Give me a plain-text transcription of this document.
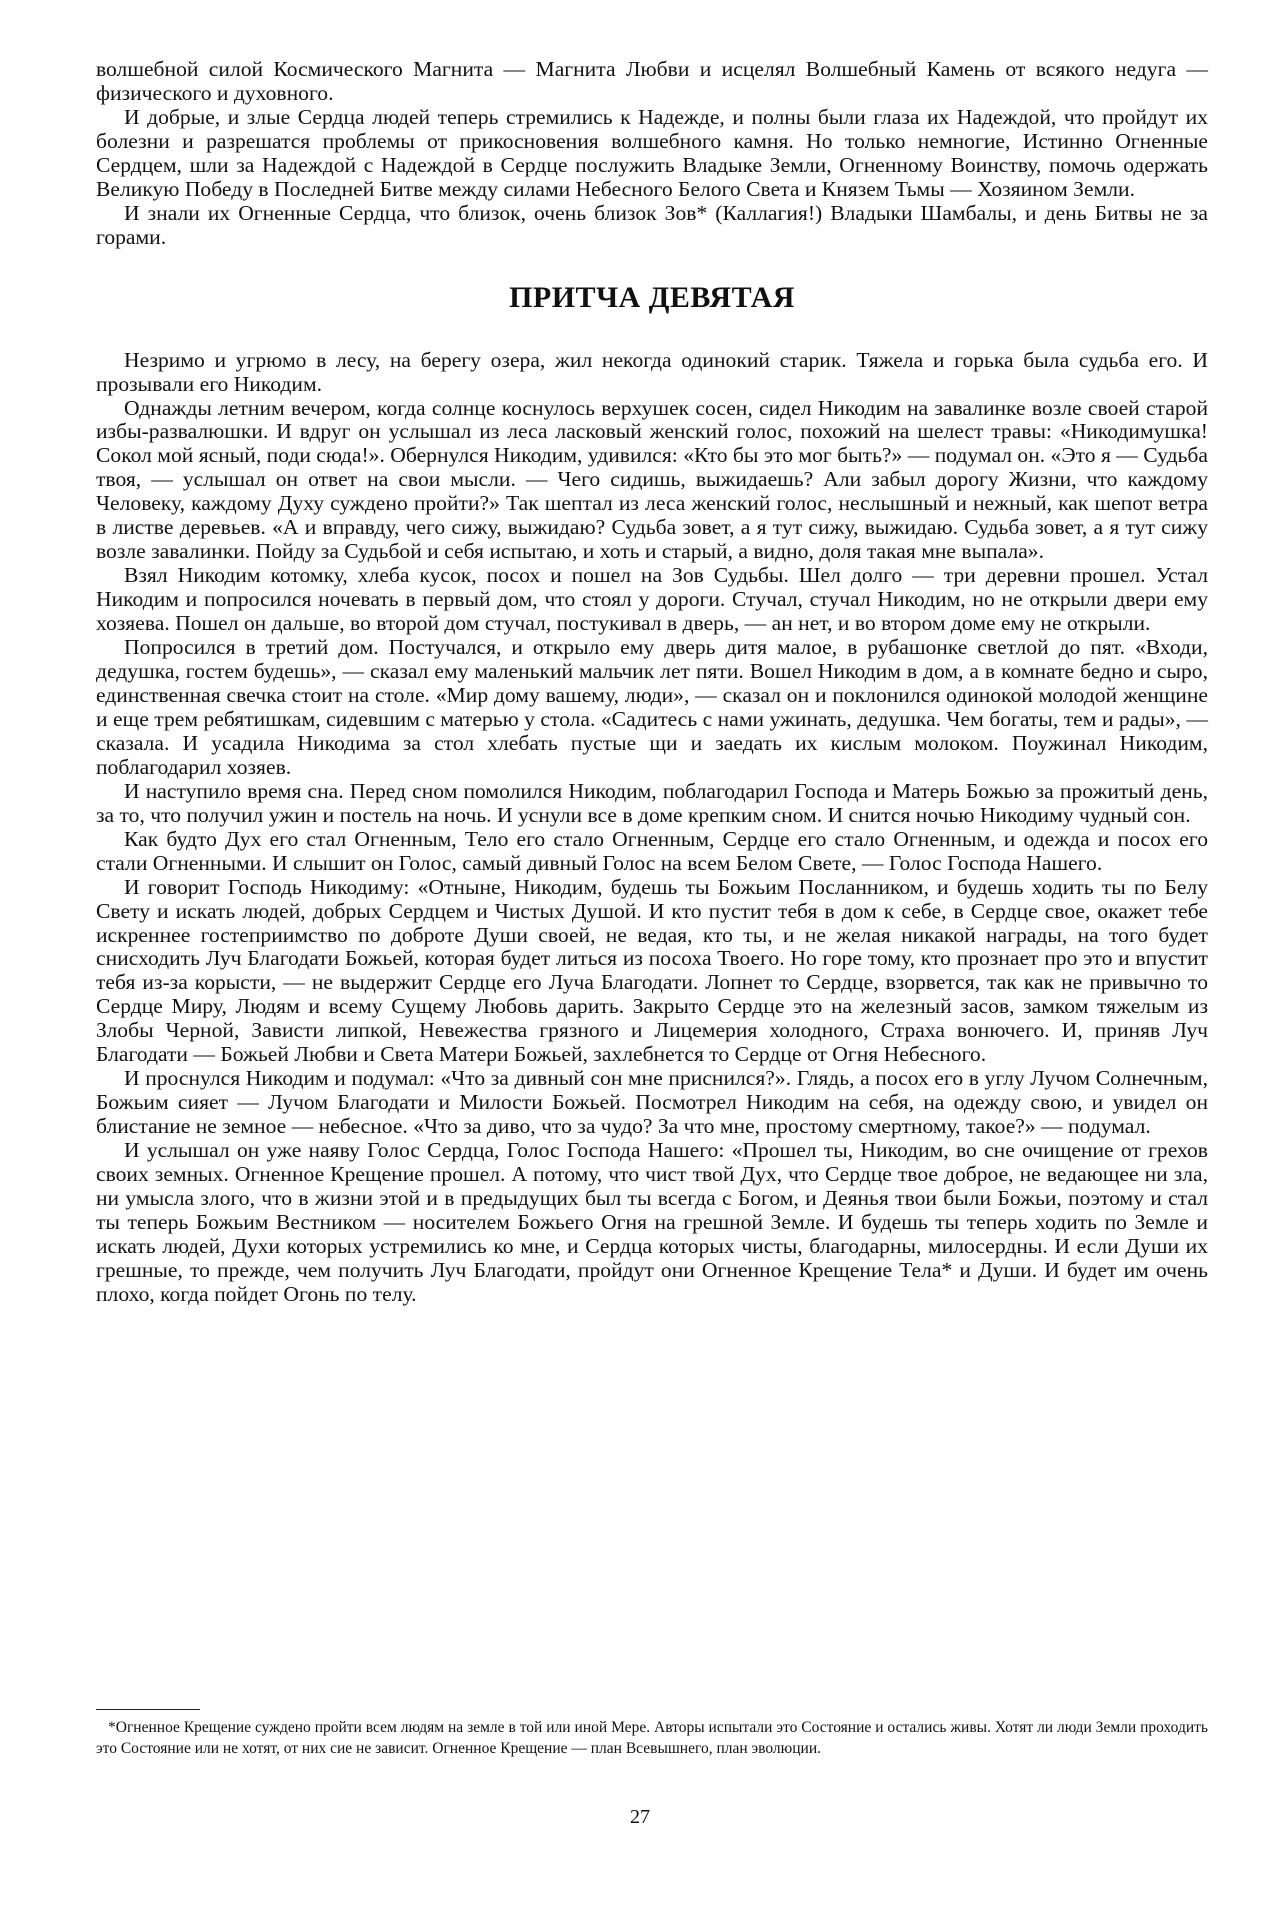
волшебной силой Космического Магнита — Магнита Любви и исцелял Волшебный Камень от всякого недуга — физического и духовного.

И добрые, и злые Сердца людей теперь стремились к Надежде, и полны были глаза их Надеждой, что пройдут их болезни и разрешатся проблемы от прикосновения волшебного камня. Но только немногие, Истинно Огненные Сердцем, шли за Надеждой с Надеждой в Сердце послужить Владыке Земли, Огненному Воинству, помочь одержать Великую Победу в Последней Битве между силами Небесного Белого Света и Князем Тьмы — Хозяином Земли.

И знали их Огненные Сердца, что близок, очень близок Зов* (Каллагия!) Владыки Шамбалы, и день Битвы не за горами.

ПРИТЧА ДЕВЯТАЯ

Незримо и угрюмо в лесу, на берегу озера, жил некогда одинокий старик. Тяжела и горька была судьба его. И прозывали его Никодим.

Однажды летним вечером, когда солнце коснулось верхушек сосен, сидел Никодим на завалинке возле своей старой избы-развалюшки. И вдруг он услышал из леса ласковый женский голос, похожий на шелест травы: «Никодимушка! Сокол мой ясный, поди сюда!». Обернулся Никодим, удивился: «Кто бы это мог быть?» — подумал он. «Это я — Судьба твоя, — услышал он ответ на свои мысли. — Чего сидишь, выжидаешь? Али забыл дорогу Жизни, что каждому Человеку, каждому Духу суждено пройти?» Так шептал из леса женский голос, неслышный и нежный, как шепот ветра в листве деревьев. «А и вправду, чего сижу, выжидаю? Судьба зовет, а я тут сижу, выжидаю. Судьба зовет, а я тут сижу возле завалинки. Пойду за Судьбой и себя испытаю, и хоть и старый, а видно, доля такая мне выпала».

Взял Никодим котомку, хлеба кусок, посох и пошел на Зов Судьбы. Шел долго — три деревни прошел. Устал Никодим и попросился ночевать в первый дом, что стоял у дороги. Стучал, стучал Никодим, но не открыли двери ему хозяева. Пошел он дальше, во второй дом стучал, постукивал в дверь, — ан нет, и во втором доме ему не открыли.

Попросился в третий дом. Постучался, и открыло ему дверь дитя малое, в рубашонке светлой до пят. «Входи, дедушка, гостем будешь», — сказал ему маленький мальчик лет пяти. Вошел Никодим в дом, а в комнате бедно и сыро, единственная свечка стоит на столе. «Мир дому вашему, люди», — сказал он и поклонился одинокой молодой женщине и еще трем ребятишкам, сидевшим с матерью у стола. «Садитесь с нами ужинать, дедушка. Чем богаты, тем и рады», — сказала. И усадила Никодима за стол хлебать пустые щи и заедать их кислым молоком. Поужинал Никодим, поблагодарил хозяев.

И наступило время сна. Перед сном помолился Никодим, поблагодарил Господа и Матерь Божью за прожитый день, за то, что получил ужин и постель на ночь. И уснули все в доме крепким сном. И снится ночью Никодиму чудный сон.

Как будто Дух его стал Огненным, Тело его стало Огненным, Сердце его стало Огненным, и одежда и посох его стали Огненными. И слышит он Голос, самый дивный Голос на всем Белом Свете, — Голос Господа Нашего.

И говорит Господь Никодиму: «Отныне, Никодим, будешь ты Божьим Посланником, и будешь ходить ты по Белу Свету и искать людей, добрых Сердцем и Чистых Душой. И кто пустит тебя в дом к себе, в Сердце свое, окажет тебе искреннее гостеприимство по доброте Души своей, не ведая, кто ты, и не желая никакой награды, на того будет снисходить Луч Благодати Божьей, которая будет литься из посоха Твоего. Но горе тому, кто прознает про это и впустит тебя из-за корысти, — не выдержит Сердце его Луча Благодати. Лопнет то Сердце, взорвется, так как не привычно то Сердце Миру, Людям и всему Сущему Любовь дарить. Закрыто Сердце это на железный засов, замком тяжелым из Злобы Черной, Зависти липкой, Невежества грязного и Лицемерия холодного, Страха вонючего. И, приняв Луч Благодати — Божьей Любви и Света Матери Божьей, захлебнется то Сердце от Огня Небесного.

И проснулся Никодим и подумал: «Что за дивный сон мне приснился?». Глядь, а посох его в углу Лучом Солнечным, Божьим сияет — Лучом Благодати и Милости Божьей. Посмотрел Никодим на себя, на одежду свою, и увидел он блистание не земное — небесное. «Что за диво, что за чудо? За что мне, простому смертному, такое?» — подумал.

И услышал он уже наяву Голос Сердца, Голос Господа Нашего: «Прошел ты, Никодим, во сне очищение от грехов своих земных. Огненное Крещение прошел. А потому, что чист твой Дух, что Сердце твое доброе, не ведающее ни зла, ни умысла злого, что в жизни этой и в предыдущих был ты всегда с Богом, и Деянья твои были Божьи, поэтому и стал ты теперь Божьим Вестником — носителем Божьего Огня на грешной Земле. И будешь ты теперь ходить по Земле и искать людей, Духи которых устремились ко мне, и Сердца которых чисты, благодарны, милосердны. И если Души их грешные, то прежде, чем получить Луч Благодати, пройдут они Огненное Крещение Тела* и Души. И будет им очень плохо, когда пойдет Огонь по телу.

*Огненное Крещение суждено пройти всем людям на земле в той или иной Мере. Авторы испытали это Состояние и остались живы. Хотят ли люди Земли проходить это Состояние или не хотят, от них сие не зависит. Огненное Крещение — план Всевышнего, план эволюции.

27
